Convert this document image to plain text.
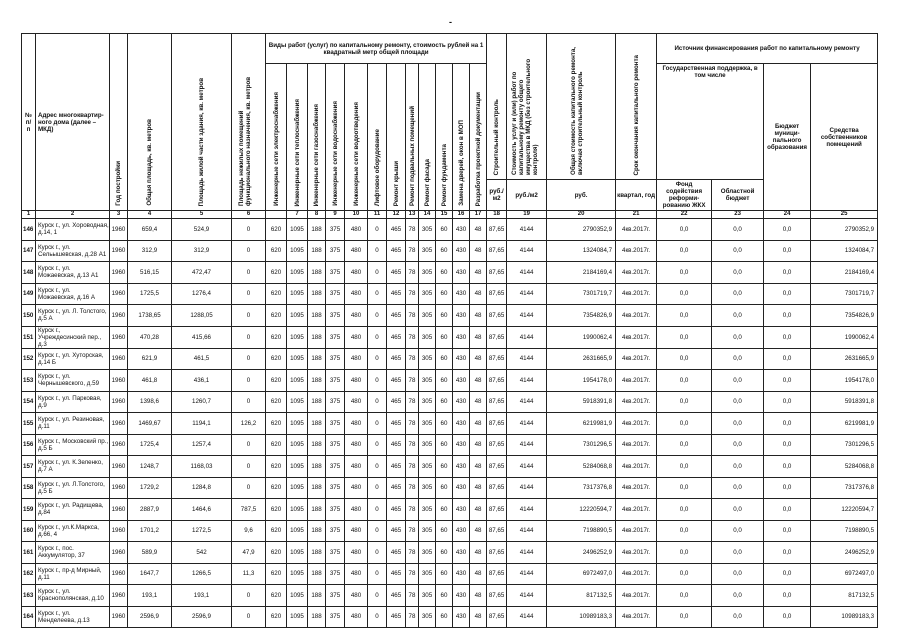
-
№ п/п	Адрес многоквартир-ного дома (далее – МКД)	Год постройки	Общая площадь, кв. метров	Площадь жилой части здания, кв. метров	Площадь нежилых помещений функционального назначения, кв. метров	Виды работ (услуг) по капитальному ремонту, стоимость рублей на 1 квадратный метр общей площади												Строительный контроль	Стоимость услуг и (или) работ по капитальному ремонту общего имущества в МКД (без строительного контроля)	Общая стоимость капитального ремонта, включая строительный контроль	Срок окончания капитального ремонта	Источник финансирования работ по капитальному ремонту			
						Инженерные сети электроснабжения	Инженерные сети теплоснабжения	Инженерные сети газоснабжения	Инженерные сети водоснабжения	Инженерные сети водоотведения	Лифтовое оборудование	Ремонт крыши	Ремонт подвальных помещений	Ремонт фасада	Ремонт фундамента	Замена дверей, окон в МОП	Разработка проектной документации					Государственная поддержка, в том числе		Бюджет муници-пального образования	Средства собственников помещений
																		руб./ м2	руб./м2	руб.	квартал, год	Фонд содействия реформи-рованию ЖКХ	Областной бюджет		
1	2	3	4	5	6		7	8	9	10	11	12	13	14	15	16	17	18	19	20	21	22	23	24	25
146	Курск г., ул. Хороводная, д.14, 1	1960	659,4	524,9	0	620	1095	188	375	480	0	465	78	305	60	430	48	87,65	4144	2790352,9	4кв.2017г.	0,0	0,0	0,0	2790352,9
147	Курск г., ул. Сельышевская, д.28 А1	1960	312,9	312,9	0	620	1095	188	375	480	0	465	78	305	60	430	48	87,65	4144	1324084,7	4кв.2017г.	0,0	0,0	0,0	1324084,7
148	Курск г., ул. Можаевская, д.13 А1	1960	516,15	472,47	0	620	1095	188	375	480	0	465	78	305	60	430	48	87,65	4144	2184169,4	4кв.2017г.	0,0	0,0	0,0	2184169,4
149	Курск г., ул. Можаевская, д.16 А	1960	1725,5	1276,4	0	620	1095	188	375	480	0	465	78	305	60	430	48	87,65	4144	7301719,7	4кв.2017г.	0,0	0,0	0,0	7301719,7
150	Курск г., ул. Л. Толстого, д.5 А	1960	1738,65	1288,05	0	620	1095	188	375	480	0	465	78	305	60	430	48	87,65	4144	7354826,9	4кв.2017г.	0,0	0,0	0,0	7354826,9
151	Курск г., Учреждесинский пер., д.3	1960	470,28	415,66	0	620	1095	188	375	480	0	465	78	305	60	430	48	87,65	4144	1990062,4	4кв.2017г.	0,0	0,0	0,0	1990062,4
152	Курск г., ул. Хуторская, д.14 Б	1960	621,9	461,5	0	620	1095	188	375	480	0	465	78	305	60	430	48	87,65	4144	2631665,9	4кв.2017г.	0,0	0,0	0,0	2631665,9
153	Курск г., ул. Чернышевского, д.59	1960	461,8	436,1	0	620	1095	188	375	480	0	465	78	305	60	430	48	87,65	4144	1954178,0	4кв.2017г.	0,0	0,0	0,0	1954178,0
154	Курск г., ул. Парковая, д.9	1960	1398,6	1260,7	0	620	1095	188	375	480	0	465	78	305	60	430	48	87,65	4144	5918391,8	4кв.2017г.	0,0	0,0	0,0	5918391,8
155	Курск г., ул. Резиновая, д.11	1960	1469,67	1194,1	126,2	620	1095	188	375	480	0	465	78	305	60	430	48	87,65	4144	6219981,9	4кв.2017г.	0,0	0,0	0,0	6219981,9
156	Курск г., Московский пр., д.5 Б	1960	1725,4	1257,4	0	620	1095	188	375	480	0	465	78	305	60	430	48	87,65	4144	7301296,5	4кв.2017г.	0,0	0,0	0,0	7301296,5
157	Курск г., ул. К.Зеленко, д.7 А	1960	1248,7	1168,03	0	620	1095	188	375	480	0	465	78	305	60	430	48	87,65	4144	5284068,8	4кв.2017г.	0,0	0,0	0,0	5284068,8
158	Курск г., ул. Л.Толстого, д.5 Б	1960	1729,2	1284,8	0	620	1095	188	375	480	0	465	78	305	60	430	48	87,65	4144	7317376,8	4кв.2017г.	0,0	0,0	0,0	7317376,8
159	Курск г., ул. Радищева, д.84	1960	2887,9	1464,6	787,5	620	1095	188	375	480	0	465	78	305	60	430	48	87,65	4144	12220594,7	4кв.2017г.	0,0	0,0	0,0	12220594,7
160	Курск г., ул.К.Маркса, д.66, 4	1960	1701,2	1272,5	9,6	620	1095	188	375	480	0	465	78	305	60	430	48	87,65	4144	7198890,5	4кв.2017г.	0,0	0,0	0,0	7198890,5
161	Курск г., пос. Аккумулятор, 37	1960	589,9	542	47,9	620	1095	188	375	480	0	465	78	305	60	430	48	87,65	4144	2496252,9	4кв.2017г.	0,0	0,0	0,0	2496252,9
162	Курск г., пр-д Мирный, д.11	1960	1647,7	1266,5	11,3	620	1095	188	375	480	0	465	78	305	60	430	48	87,65	4144	6972497,0	4кв.2017г.	0,0	0,0	0,0	6972497,0
163	Курск г., ул. Краснополянская, д.10	1960	193,1	193,1	0	620	1095	188	375	480	0	465	78	305	60	430	48	87,65	4144	817132,5	4кв.2017г.	0,0	0,0	0,0	817132,5
164	Курск г., ул. Менделеева, д.13	1960	2596,9	2596,9	0	620	1095	188	375	480	0	465	78	305	60	430	48	87,65	4144	10989183,3	4кв.2017г.	0,0	0,0	0,0	10989183,3
